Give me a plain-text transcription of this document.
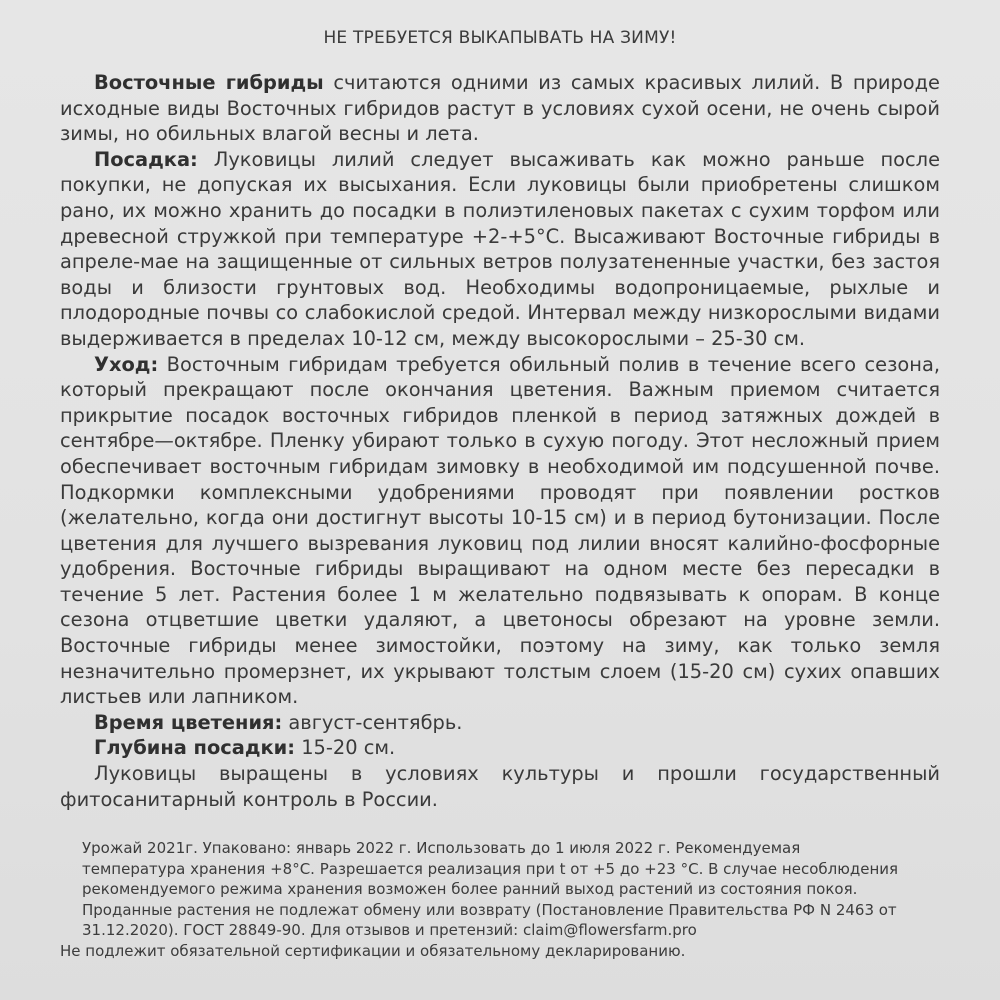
НЕ ТРЕБУЕТСЯ ВЫКАПЫВАТЬ НА ЗИМУ!

Восточные гибриды считаются одними из самых красивых лилий. В природе исходные виды Восточных гибридов растут в условиях сухой осени, не очень сырой зимы, но обильных влагой весны и лета.

Посадка: Луковицы лилий следует высаживать как можно раньше после покупки, не допуская их высыхания. Если луковицы были приобретены слишком рано, их можно хранить до посадки в полиэтиленовых пакетах с сухим торфом или древесной стружкой при температуре +2-+5°С. Высаживают Восточные гибриды в апреле-мае на защищенные от сильных ветров полузатененные участки, без застоя воды и близости грунтовых вод. Необходимы водопроницаемые, рыхлые и плодородные почвы со слабокислой средой. Интервал между низкорослыми видами выдерживается в пределах 10-12 см, между высокорослыми – 25-30 см.

Уход: Восточным гибридам требуется обильный полив в течение всего сезона, который прекращают после окончания цветения. Важным приемом считается прикрытие посадок восточных гибридов пленкой в период затяжных дождей в сентябре—октябре. Пленку убирают только в сухую погоду. Этот несложный прием обеспечивает восточным гибридам зимовку в необходимой им подсушенной почве. Подкормки комплексными удобрениями проводят при появлении ростков (желательно, когда они достигнут высоты 10-15 см) и в период бутонизации. После цветения для лучшего вызревания луковиц под лилии вносят калийно-фосфорные удобрения. Восточные гибриды выращивают на одном месте без пересадки в течение 5 лет. Растения более 1 м желательно подвязывать к опорам. В конце сезона отцветшие цветки удаляют, а цветоносы обрезают на уровне земли. Восточные гибриды менее зимостойки, поэтому на зиму, как только земля незначительно промерзнет, их укрывают толстым слоем (15-20 см) сухих опавших листьев или лапником.

Время цветения: август-сентябрь.

Глубина посадки: 15-20 см.

Луковицы выращены в условиях культуры и прошли государственный фитосанитарный контроль в России.

Урожай 2021г. Упаковано: январь 2022 г. Использовать до 1 июля 2022 г. Рекомендуемая

температура хранения +8°С. Разрешается реализация при t от +5 до +23 °С. В случае несоблюдения

рекомендуемого режима хранения возможен более ранний выход растений из состояния покоя.

Проданные растения не подлежат обмену или возврату (Постановление Правительства РФ N 2463 от

31.12.2020). ГОСТ 28849-90. Для отзывов и претензий: claim@flowersfarm.pro

Не подлежит обязательной сертификации и обязательному декларированию.
